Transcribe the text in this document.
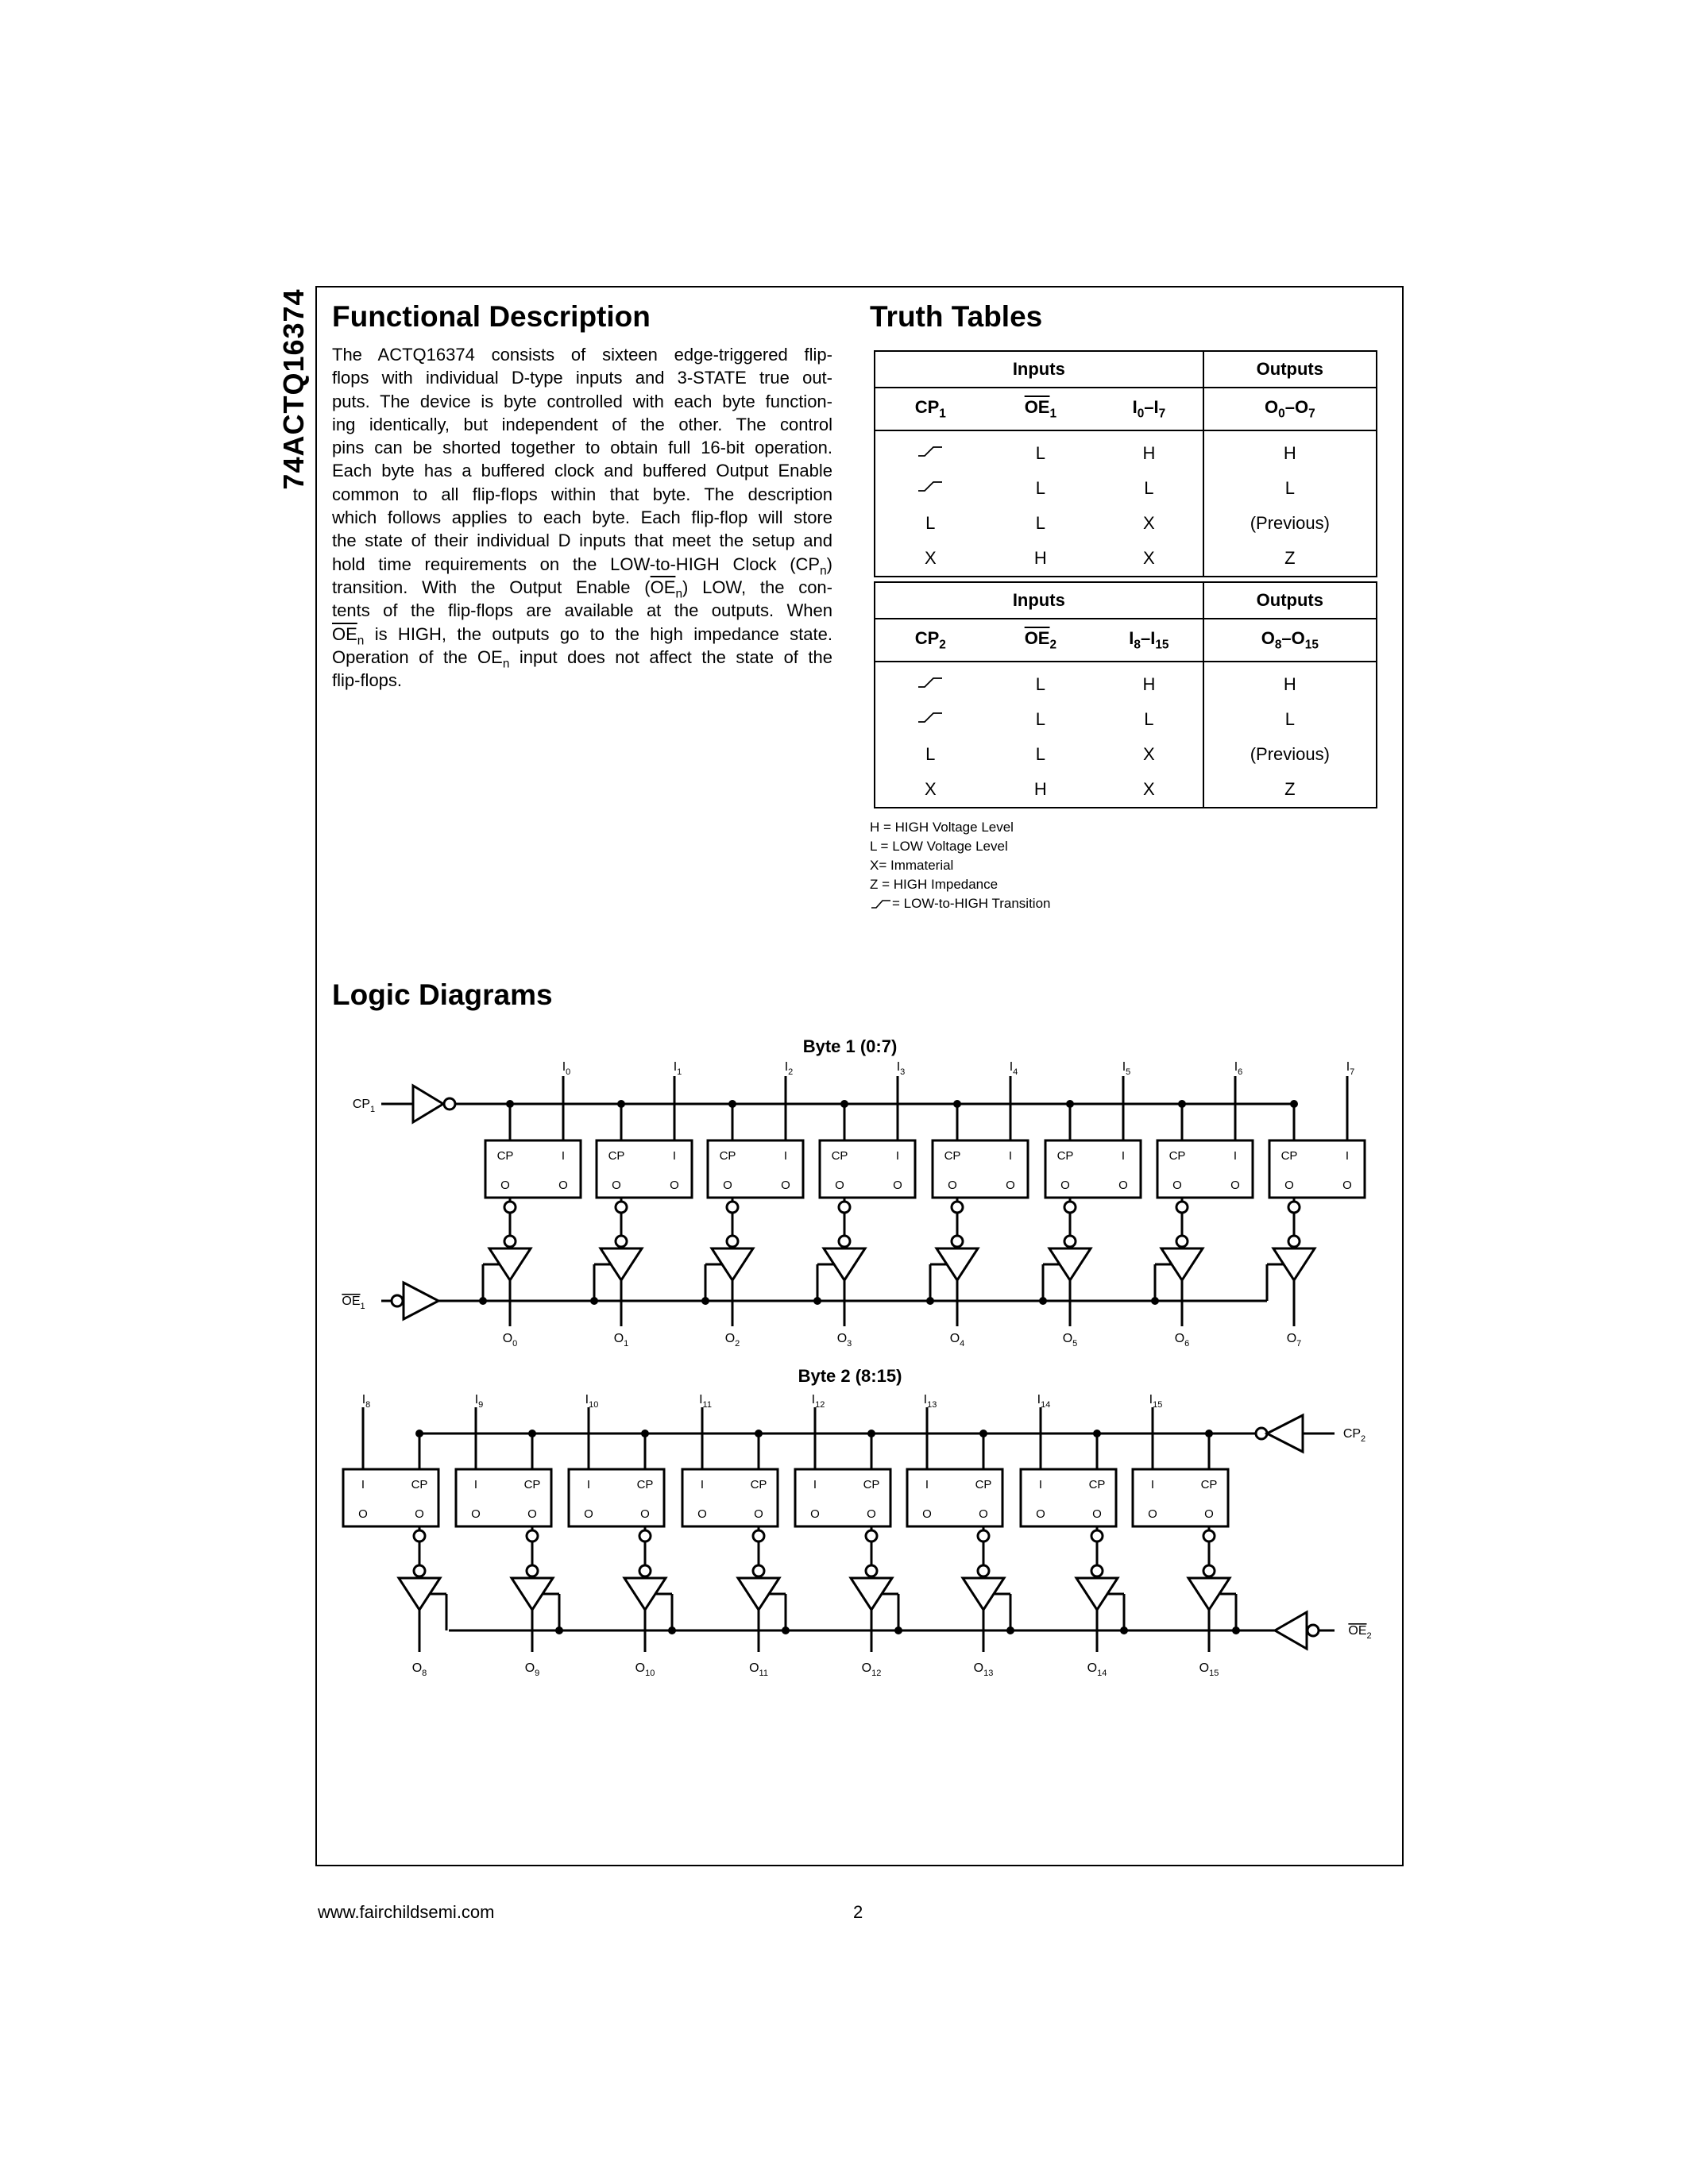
74ACTQ16374 Functional Description
The ACTQ16374 consists of sixteen edge-triggered flip-
flops with individual D-type inputs and 3-STATE true out-
puts. The device is byte controlled with each byte function-
ing identically, but independent of the other. The control
pins can be shorted together to obtain full 16-bit operation.
Each byte has a buffered clock and buffered Output Enable
common to all flip-flops within that byte. The description
which follows applies to each byte. Each flip-flop will store
the state of their individual D inputs that meet the setup and
hold time requirements on the LOW-to-HIGH Clock $(CP_n)$
transition. With the Output Enable $(\overline{OE}_n)$ LOW, the con-
tents of the flip-flops are available at the outputs. When
$\overline{OE}_n$ is HIGH, the outputs go to the high impedance state.
Operation of the $OE_n$ input does not affect the state of the
flip-flops.
Truth Tables
Inputs			Outputs
$CP_1$	$\overline{OE}_1$	$I_0-I_7$	$O_0-O_7$
	L	H	H
	L	L	L
L	L	X	(Previous)
X	H	X	Z
Inputs			Outputs
$CP_2$	$\overline{OE}_2$	$I_8-I_{15}$	$O_8-O_{15}$
	L	H	H
	L	L	L
L	L	X	(Previous)
X	H	X	Z
H = HIGH Voltage Level
L = LOW Voltage Level
X= Immaterial
Z = HIGH Impedance
= LOW-to-HIGH Transition
Logic Diagrams
Byte 1 (0:7)
Byte 2 (8:15)
$CP_1$
$OE_1$
$I_0$
CP	I
O	O
$O_0$
$I_1$
CP	I
O	O
$O_1$
$I_2$
CP	I
O	O
$O_2$
$I_3$
CP	I
O	O
$O_3$
$I_4$
CP	I
O	O
$O_4$
$I_5$
CP	I
O	O
$O_5$
$I_6$
CP	I
O	O
$O_6$
$I_7$
CP	I
O	O
$O_7$
$CP_2$
$OE_2$
$I_8$
I	CP
O	O
$O_8$
$I_9$
I	CP
O	O
$O_9$
$I_{10}$
I	CP
O	O
$O_{10}$
$I_{11}$
I	CP
O	O
$O_{11}$
$I_{12}$
I	CP
O	O
$O_{12}$
$I_{13}$
I	CP
O	O
$O_{13}$
$I_{14}$
I	CP
O	O
$O_{14}$
$I_{15}$
I	CP
O	O
$O_{15}$
www.fairchildsemi.com	2
